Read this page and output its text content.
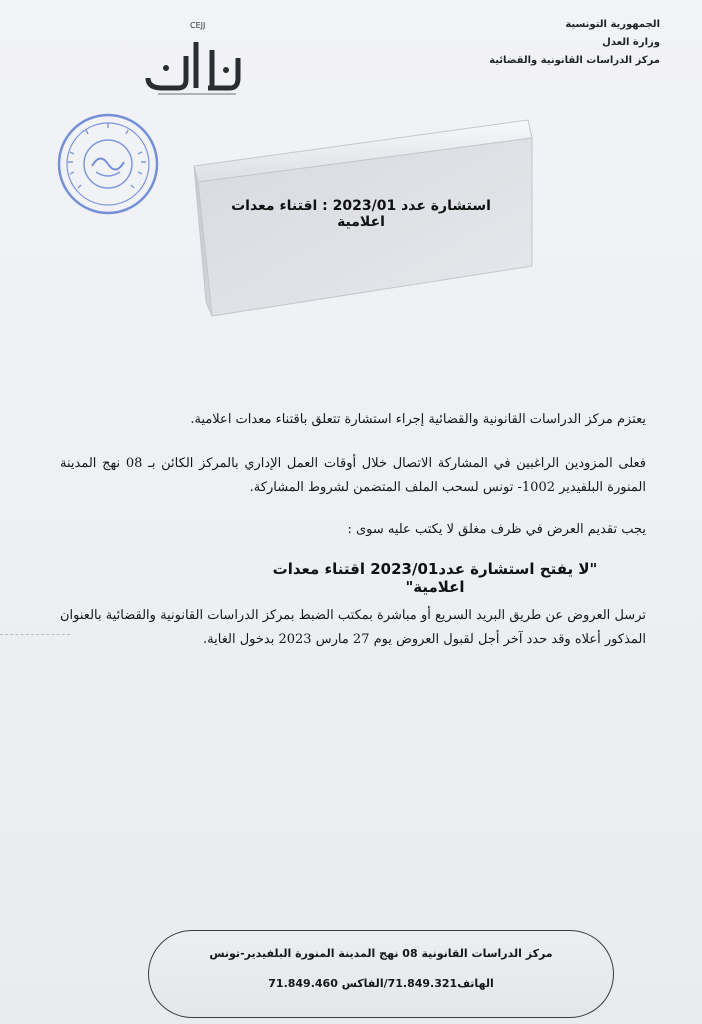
الجمهورية التونسية
وزارة العدل
مركز الدراسات القانونية والقضائية
CEJJ
استشارة عدد 2023/01 : اقتناء معدات اعلامية
يعتزم مركز الدراسات القانونية والقضائية إجراء استشارة تتعلق باقتناء معدات اعلامية.
فعلى المزودين الراغبين في المشاركة الاتصال خلال أوقات العمل الإداري بالمركز الكائن بـ 08 نهج المدينة المنورة البلفيدير 1002- تونس لسحب الملف المتضمن لشروط المشاركة.
يجب تقديم العرض في ظرف مغلق لا يكتب عليه سوى :
"لا يفتح استشارة عدد2023/01 اقتناء معدات اعلامية"
ترسل العروض عن طريق البريد السريع أو مباشرة بمكتب الضبط بمركز الدراسات القانونية والقضائية بالعنوان المذكور أعلاه وقد حدد آخر أجل لقبول العروض يوم 27 مارس 2023 بدخول الغاية.
مركز الدراسات القانونية 08 نهج المدينة المنورة البلفيدير-تونس
الهاتف71.849.321/الفاكس 71.849.460
